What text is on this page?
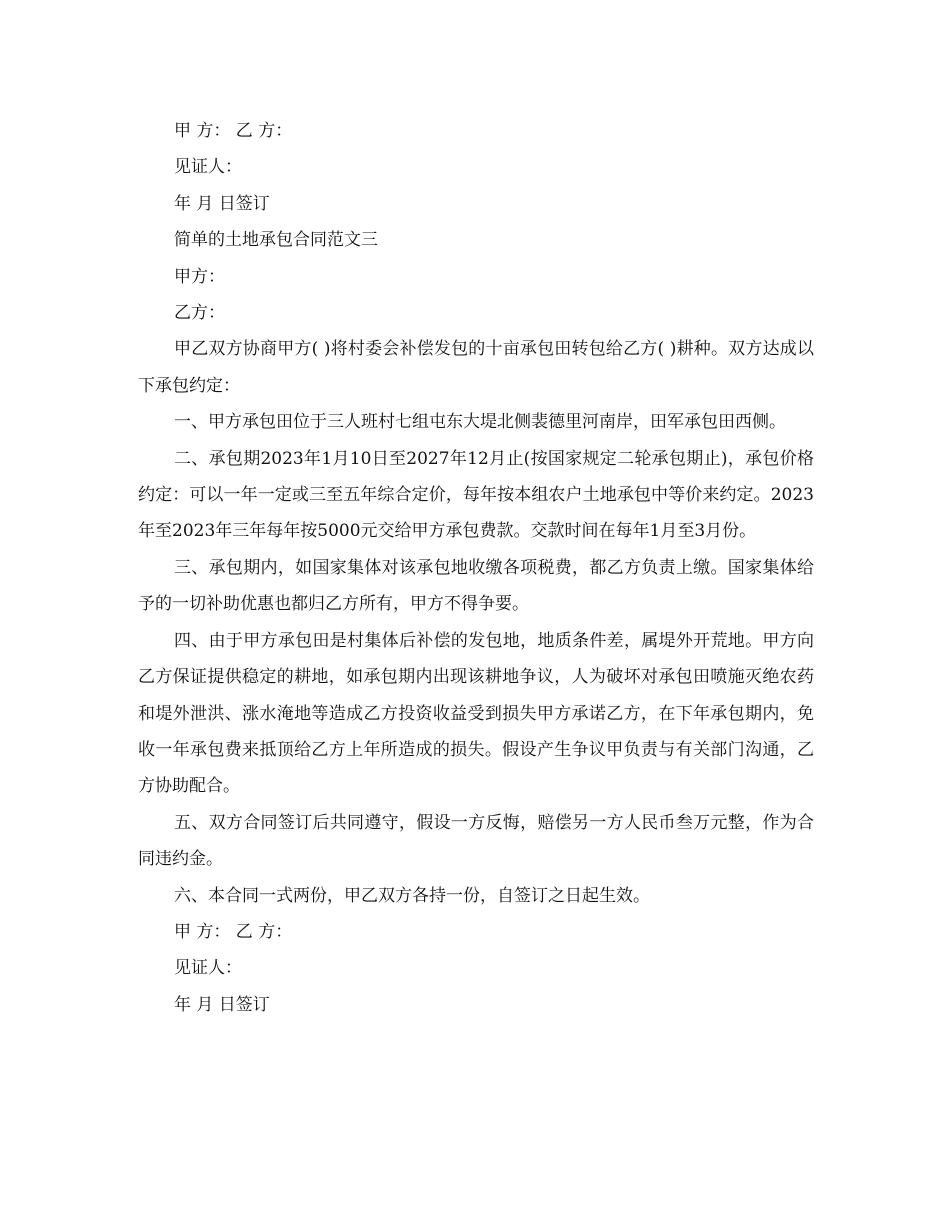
甲 方： 乙 方：

见证人：

年 月 日签订

简单的土地承包合同范文三

甲方：

乙方：

甲乙双方协商甲方( )将村委会补偿发包的十亩承包田转包给乙方( )耕种。双方达成以下承包约定：

一、甲方承包田位于三人班村七组屯东大堤北侧裴德里河南岸，田军承包田西侧。

二、承包期2023年1月10日至2027年12月止(按国家规定二轮承包期止)，承包价格约定：可以一年一定或三至五年综合定价，每年按本组农户土地承包中等价来约定。2023年至2023年三年每年按5000元交给甲方承包费款。交款时间在每年1月至3月份。

三、承包期内，如国家集体对该承包地收缴各项税费，都乙方负责上缴。国家集体给予的一切补助优惠也都归乙方所有，甲方不得争要。

四、由于甲方承包田是村集体后补偿的发包地，地质条件差，属堤外开荒地。甲方向乙方保证提供稳定的耕地，如承包期内出现该耕地争议，人为破坏对承包田喷施灭绝农药和堤外泄洪、涨水淹地等造成乙方投资收益受到损失甲方承诺乙方，在下年承包期内，免收一年承包费来抵顶给乙方上年所造成的损失。假设产生争议甲负责与有关部门沟通，乙方协助配合。

五、双方合同签订后共同遵守，假设一方反悔，赔偿另一方人民币叁万元整，作为合同违约金。

六、本合同一式两份，甲乙双方各持一份，自签订之日起生效。

甲 方： 乙 方：

见证人：

年 月 日签订
